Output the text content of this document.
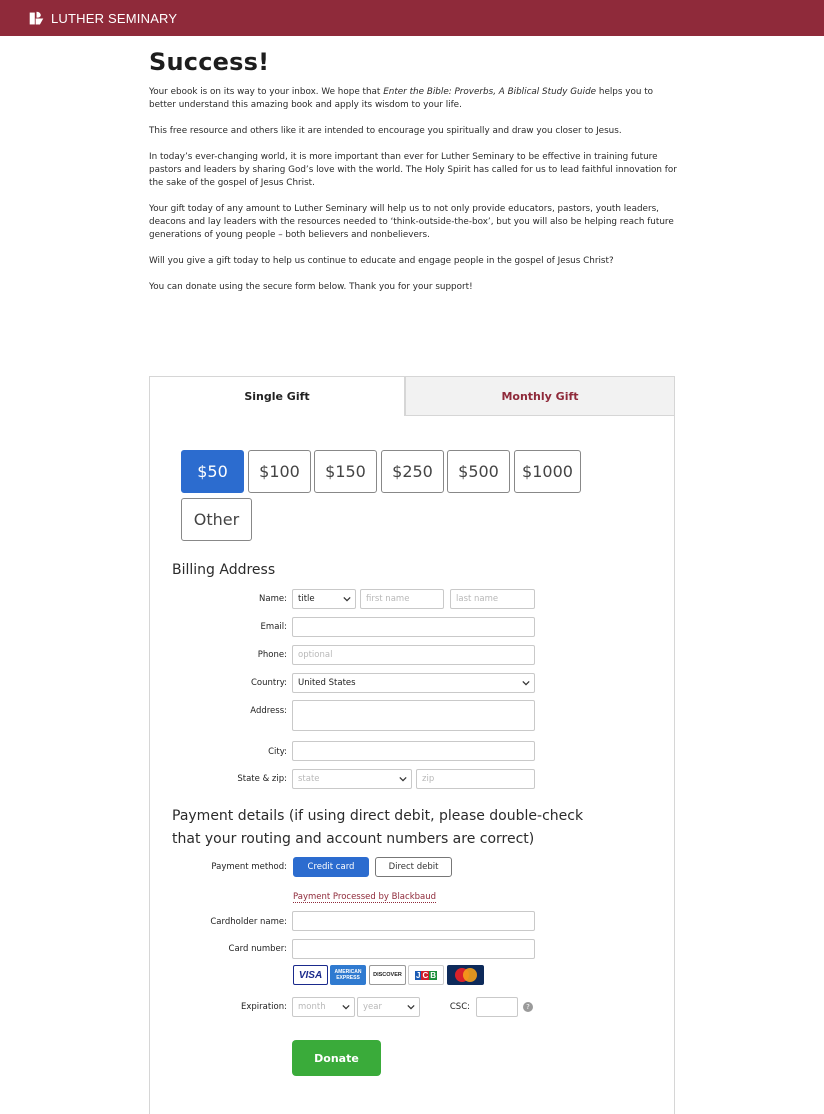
LUTHER SEMINARY
Success!

Your ebook is on its way to your inbox. We hope that Enter the Bible: Proverbs, A Biblical Study Guide helps you to better understand this amazing book and apply its wisdom to your life.

This free resource and others like it are intended to encourage you spiritually and draw you closer to Jesus.

In today’s ever-changing world, it is more important than ever for Luther Seminary to be effective in training future pastors and leaders by sharing God’s love with the world. The Holy Spirit has called for us to lead faithful innovation for the sake of the gospel of Jesus Christ.

Your gift today of any amount to Luther Seminary will help us to not only provide educators, pastors, youth leaders, deacons and lay leaders with the resources needed to ‘think-outside-the-box’, but you will also be helping reach future generations of young people – both believers and nonbelievers.

Will you give a gift today to help us continue to educate and engage people in the gospel of Jesus Christ?

You can donate using the secure form below. Thank you for your support!

Single Gift	Monthly Gift
$50	$100	$150	$250	$500	$1000
Other
Billing Address
Name: title	first name	last name
Email:
Phone:	optional
Country: United States
Address:
City:
State & zip: state	zip
Payment details (if using direct debit, please double-check
that your routing and account numbers are correct)
Payment method:	Credit card	Direct debit
Payment Processed by Blackbaud
Cardholder name:
Card number:
VISA	AMERICAN EXPRESS	DISCOVER	J C B
Expiration: month	year	CSC:	?
Donate
